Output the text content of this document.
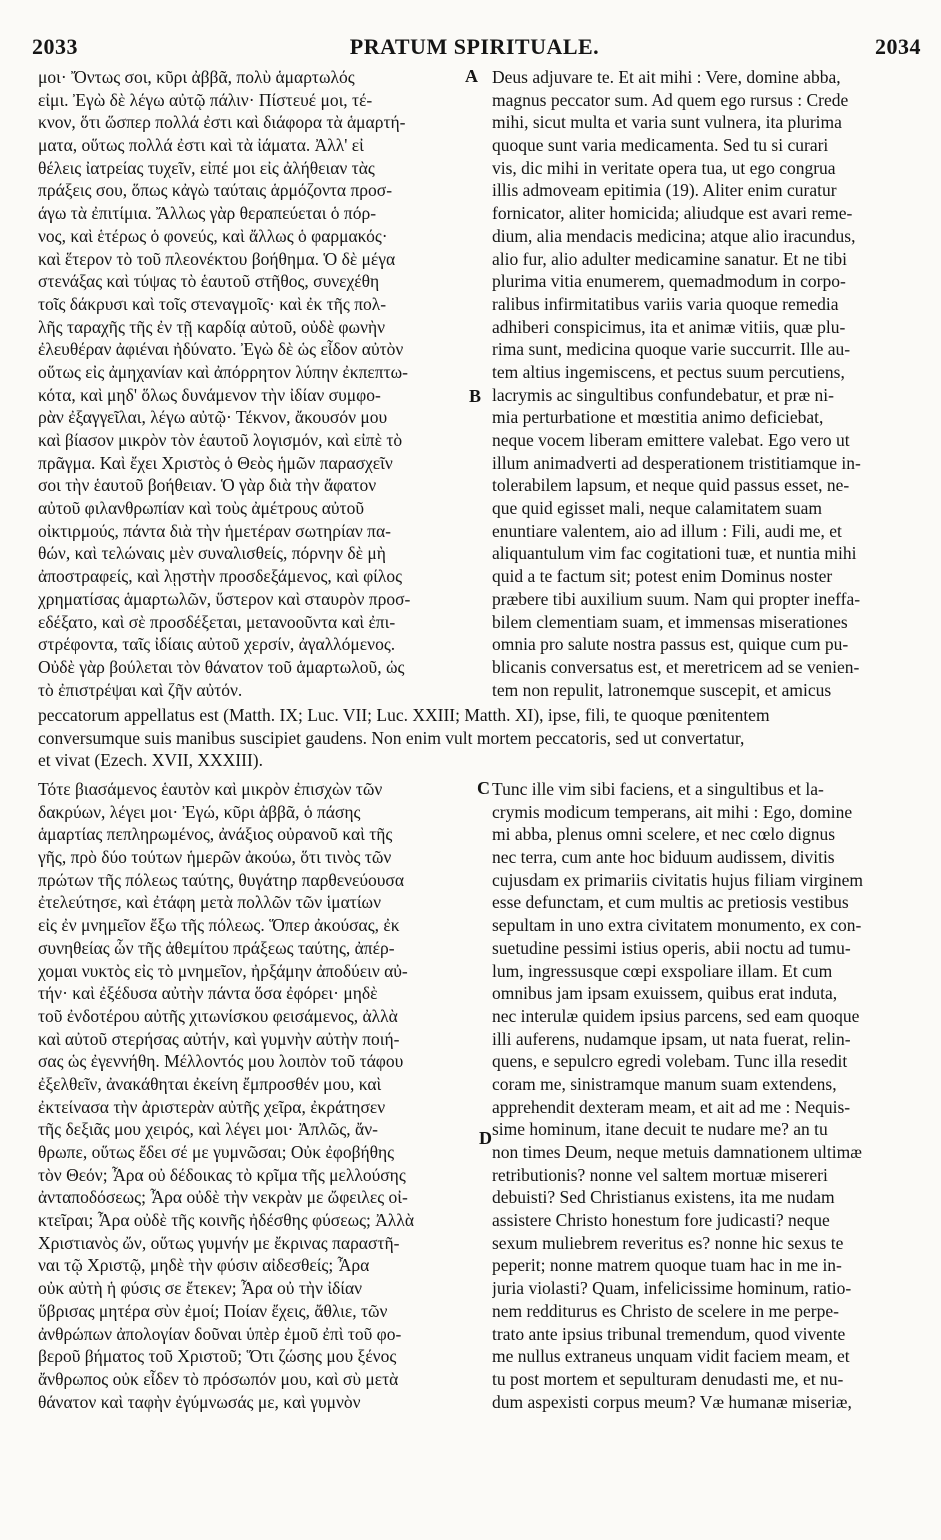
2033	PRATUM SPIRITUALE.	2034
μοι· Ὄντως σοι, κῦρι ἀββᾶ, πολὺ ἁμαρτωλός
εἰμι. Ἐγὼ δὲ λέγω αὐτῷ πάλιν· Πίστευέ μοι, τέ-
κνον, ὅτι ὥσπερ πολλά ἐστι καὶ διάφορα τὰ ἁμαρτή-
ματα, οὕτως πολλά ἐστι καὶ τὰ ἰάματα. Ἀλλ' εἰ
θέλεις ἰατρείας τυχεῖν, εἰπέ μοι εἰς ἀλήθειαν τὰς
πράξεις σου, ὅπως κἀγὼ ταύταις ἁρμόζοντα προσ-
άγω τὰ ἐπιτίμια. Ἄλλως γὰρ θεραπεύεται ὁ πόρ-
νος, καὶ ἑτέρως ὁ φονεύς, καὶ ἄλλως ὁ φαρμακός·
καὶ ἕτερον τὸ τοῦ πλεονέκτου βοήθημα. Ὁ δὲ μέγα
στενάξας καὶ τύψας τὸ ἑαυτοῦ στῆθος, συνεχέθη
τοῖς δάκρυσι καὶ τοῖς στεναγμοῖς· καὶ ἐκ τῆς πολ-
λῆς ταραχῆς τῆς ἐν τῇ καρδίᾳ αὐτοῦ, οὐδὲ φωνὴν
ἐλευθέραν ἀφιέναι ἠδύνατο. Ἐγὼ δὲ ὡς εἶδον αὐτὸν
οὕτως εἰς ἀμηχανίαν καὶ ἀπόρρητον λύπην ἐκπεπτω-
κότα, καὶ μηδ' ὅλως δυνάμενον τὴν ἰδίαν συμφο-
ρὰν ἐξαγγεῖλαι, λέγω αὐτῷ· Τέκνον, ἄκουσόν μου
καὶ βίασον μικρὸν τὸν ἑαυτοῦ λογισμόν, καὶ εἰπὲ τὸ
πρᾶγμα. Καὶ ἔχει Χριστὸς ὁ Θεὸς ἡμῶν παρασχεῖν
σοι τὴν ἑαυτοῦ βοήθειαν. Ὁ γὰρ διὰ τὴν ἄφατον
αὐτοῦ φιλανθρωπίαν καὶ τοὺς ἀμέτρους αὐτοῦ
οἰκτιρμούς, πάντα διὰ τὴν ἡμετέραν σωτηρίαν πα-
θών, καὶ τελώναις μὲν συναλισθείς, πόρνην δὲ μὴ
ἀποστραφείς, καὶ λῃστὴν προσδεξάμενος, καὶ φίλος
χρηματίσας ἁμαρτωλῶν, ὕστερον καὶ σταυρὸν προσ-
εδέξατο, καὶ σὲ προσδέξεται, μετανοοῦντα καὶ ἐπι-
στρέφοντα, ταῖς ἰδίαις αὐτοῦ χερσίν, ἀγαλλόμενος.
Οὐδὲ γὰρ βούλεται τὸν θάνατον τοῦ ἁμαρτωλοῦ, ὡς
τὸ ἐπιστρέψαι καὶ ζῆν αὐτόν.
Deus adjuvare te. Et ait mihi : Vere, domine abba,
magnus peccator sum. Ad quem ego rursus : Crede
mihi, sicut multa et varia sunt vulnera, ita plurima
quoque sunt varia medicamenta. Sed tu si curari
vis, dic mihi in veritate opera tua, ut ego congrua
illis admoveam epitimia (19). Aliter enim curatur
fornicator, aliter homicida; aliudque est avari reme-
dium, alia mendacis medicina; atque alio iracundus,
alio fur, alio adulter medicamine sanatur. Et ne tibi
plurima vitia enumerem, quemadmodum in corpo-
ralibus infirmitatibus variis varia quoque remedia
adhiberi conspicimus, ita et animæ vitiis, quæ plu-
rima sunt, medicina quoque varie succurrit. Ille au-
tem altius ingemiscens, et pectus suum percutiens,
lacrymis ac singultibus confundebatur, et præ ni-
mia perturbatione et mœstitia animo deficiebat,
neque vocem liberam emittere valebat. Ego vero ut
illum animadverti ad desperationem tristitiamque in-
tolerabilem lapsum, et neque quid passus esset, ne-
que quid egisset mali, neque calamitatem suam
enuntiare valentem, aio ad illum : Fili, audi me, et
aliquantulum vim fac cogitationi tuæ, et nuntia mihi
quid a te factum sit; potest enim Dominus noster
præbere tibi auxilium suum. Nam qui propter ineffa-
bilem clementiam suam, et immensas miserationes
omnia pro salute nostra passus est, quique cum pu-
blicanis conversatus est, et meretricem ad se venien-
tem non repulit, latronemque suscepit, et amicus
peccatorum appellatus est (Matth. IX; Luc. VII; Luc. XXIII; Matth. XI), ipse, fili, te quoque pœnitentem
conversumque suis manibus suscipiet gaudens. Non enim vult mortem peccatoris, sed ut convertatur,
et vivat (Ezech. XVII, XXXIII).
Τότε βιασάμενος ἑαυτὸν καὶ μικρὸν ἐπισχὼν τῶν
δακρύων, λέγει μοι· Ἐγώ, κῦρι ἀββᾶ, ὁ πάσης
ἁμαρτίας πεπληρωμένος, ἀνάξιος οὐρανοῦ καὶ τῆς
γῆς, πρὸ δύο τούτων ἡμερῶν ἀκούω, ὅτι τινὸς τῶν
πρώτων τῆς πόλεως ταύτης, θυγάτηρ παρθενεύουσα
ἐτελεύτησε, καὶ ἐτάφη μετὰ πολλῶν τῶν ἱματίων
εἰς ἐν μνημεῖον ἔξω τῆς πόλεως. Ὅπερ ἀκούσας, ἐκ
συνηθείας ὧν τῆς ἀθεμίτου πράξεως ταύτης, ἀπέρ-
χομαι νυκτὸς εἰς τὸ μνημεῖον, ἠρξάμην ἀποδύειν αὐ-
τήν· καὶ ἐξέδυσα αὐτὴν πάντα ὅσα ἐφόρει· μηδὲ
τοῦ ἐνδοτέρου αὐτῆς χιτωνίσκου φεισάμενος, ἀλλὰ
καὶ αὐτοῦ στερήσας αὐτήν, καὶ γυμνὴν αὐτὴν ποιή-
σας ὡς ἐγεννήθη. Μέλλοντός μου λοιπὸν τοῦ τάφου
ἐξελθεῖν, ἀνακάθηται ἐκείνη ἔμπροσθέν μου, καὶ
ἐκτείνασα τὴν ἀριστερὰν αὐτῆς χεῖρα, ἐκράτησεν
τῆς δεξιᾶς μου χειρός, καὶ λέγει μοι· Ἀπλῶς, ἄν-
θρωπε, οὕτως ἔδει σέ με γυμνῶσαι; Οὐκ ἐφοβήθης
τὸν Θεόν; Ἆρα οὐ δέδοικας τὸ κρῖμα τῆς μελλούσης
ἀνταποδόσεως; Ἆρα οὐδὲ τὴν νεκρὰν με ὤφειλες οἰ-
κτεῖραι; Ἆρα οὐδὲ τῆς κοινῆς ἠδέσθης φύσεως; Ἀλλὰ
Χριστιανὸς ὤν, οὕτως γυμνήν με ἔκρινας παραστῆ-
ναι τῷ Χριστῷ, μηδὲ τὴν φύσιν αἰδεσθείς; Ἆρα
οὐκ αὐτὴ ἡ φύσις σε ἔτεκεν; Ἆρα οὐ τὴν ἰδίαν
ὕβρισας μητέρα σὺν ἐμοί; Ποίαν ἔχεις, ἄθλιε, τῶν
ἀνθρώπων ἀπολογίαν δοῦναι ὑπὲρ ἐμοῦ ἐπὶ τοῦ φο-
βεροῦ βήματος τοῦ Χριστοῦ; Ὅτι ζώσης μου ξένος
ἄνθρωπος οὐκ εἶδεν τὸ πρόσωπόν μου, καὶ σὺ μετὰ
θάνατον καὶ ταφὴν ἐγύμνωσάς με, καὶ γυμνὸν
Tunc ille vim sibi faciens, et a singultibus et la-
crymis modicum temperans, ait mihi : Ego, domine
mi abba, plenus omni scelere, et nec cœlo dignus
nec terra, cum ante hoc biduum audissem, divitis
cujusdam ex primariis civitatis hujus filiam virginem
esse defunctam, et cum multis ac pretiosis vestibus
sepultam in uno extra civitatem monumento, ex con-
suetudine pessimi istius operis, abii noctu ad tumu-
lum, ingressusque cœpi exspoliare illam. Et cum
omnibus jam ipsam exuissem, quibus erat induta,
nec interulæ quidem ipsius parcens, sed eam quoque
illi auferens, nudamque ipsam, ut nata fuerat, relin-
quens, e sepulcro egredi volebam. Tunc illa resedit
coram me, sinistramque manum suam extendens,
apprehendit dexteram meam, et ait ad me : Nequis-
sime hominum, itane decuit te nudare me? an tu
non times Deum, neque metuis damnationem ultimæ
retributionis? nonne vel saltem mortuæ misereri
debuisti? Sed Christianus existens, ita me nudam
assistere Christo honestum fore judicasti? neque
sexum muliebrem reveritus es? nonne hic sexus te
peperit; nonne matrem quoque tuam hac in me in-
juria violasti? Quam, infelicissime hominum, ratio-
nem redditurus es Christo de scelere in me perpe-
trato ante ipsius tribunal tremendum, quod vivente
me nullus extraneus unquam vidit faciem meam, et
tu post mortem et sepulturam denudasti me, et nu-
dum aspexisti corpus meum? Væ humanæ miseriæ,
A
B
C
D
